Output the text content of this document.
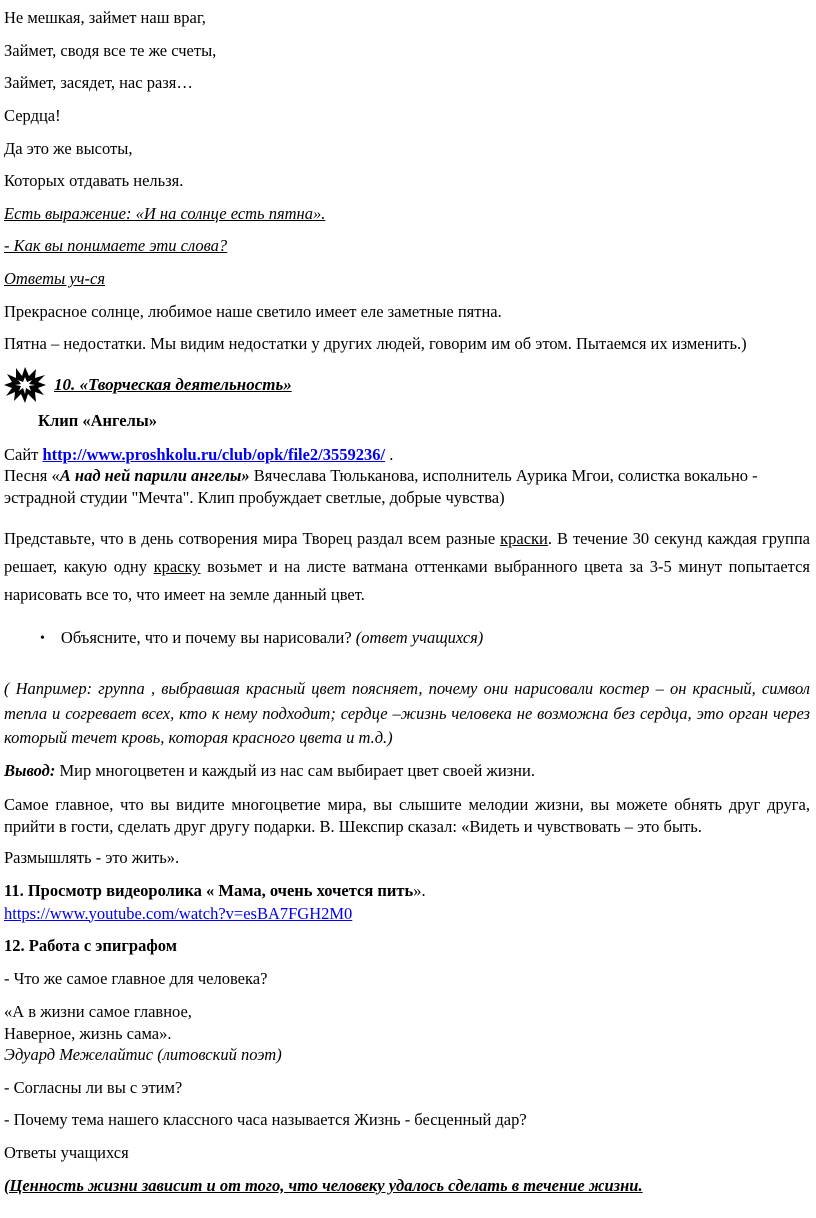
Не мешкая, займет наш враг,

Займет, сводя все те же счеты,

Займет, засядет, нас разя…

Сердца!

Да это же высоты,

Которых отдавать нельзя.

Есть выражение: «И на солнце есть пятна».

- Как вы понимаете эти слова?

Ответы уч-ся

Прекрасное солнце, любимое наше светило имеет еле заметные пятна.

Пятна – недостатки. Мы видим недостатки у других людей, говорим им об этом. Пытаемся их изменить.)

10. «Творческая деятельность»

Клип «Ангелы»

Сайт http://www.proshkolu.ru/club/opk/file2/3559236/ .

Песня «А над ней парили ангелы» Вячеслава Тюльканова, исполнитель Аурика Мгои, солистка вокально - эстрадной студии "Мечта". Клип пробуждает светлые, добрые чувства)

Представьте, что в день сотворения мира Творец раздал всем разные краски. В течение 30 секунд каждая группа решает, какую одну краску возьмет и на листе ватмана оттенками выбранного цвета за 3-5 минут попытается нарисовать все то, что имеет на земле данный цвет.

• Объясните, что и почему вы нарисовали? (ответ учащихся)

( Например: группа , выбравшая красный цвет поясняет, почему они нарисовали костер – он красный, символ тепла и согревает всех, кто к нему подходит; сердце –жизнь человека не возможна без сердца, это орган через который течет кровь, которая красного цвета и т.д.)

Вывод: Мир многоцветен и каждый из нас сам выбирает цвет своей жизни.

Самое главное, что вы видите многоцветие мира, вы слышите мелодии жизни, вы можете обнять друг друга, прийти в гости, сделать друг другу подарки. В. Шекспир сказал: «Видеть и чувствовать – это быть.

Размышлять - это жить».

11. Просмотр видеоролика « Мама, очень хочется пить».

https://www.youtube.com/watch?v=esBA7FGH2M0

12. Работа с эпиграфом

- Что же самое главное для человека?

«А в жизни самое главное,
Наверное, жизнь сама».
Эдуард Межелайтис (литовский поэт)

- Согласны ли вы с этим?

- Почему тема нашего классного часа называется Жизнь - бесценный дар?

Ответы учащихся

(Ценность жизни зависит и от того, что человеку удалось сделать в течение жизни.
